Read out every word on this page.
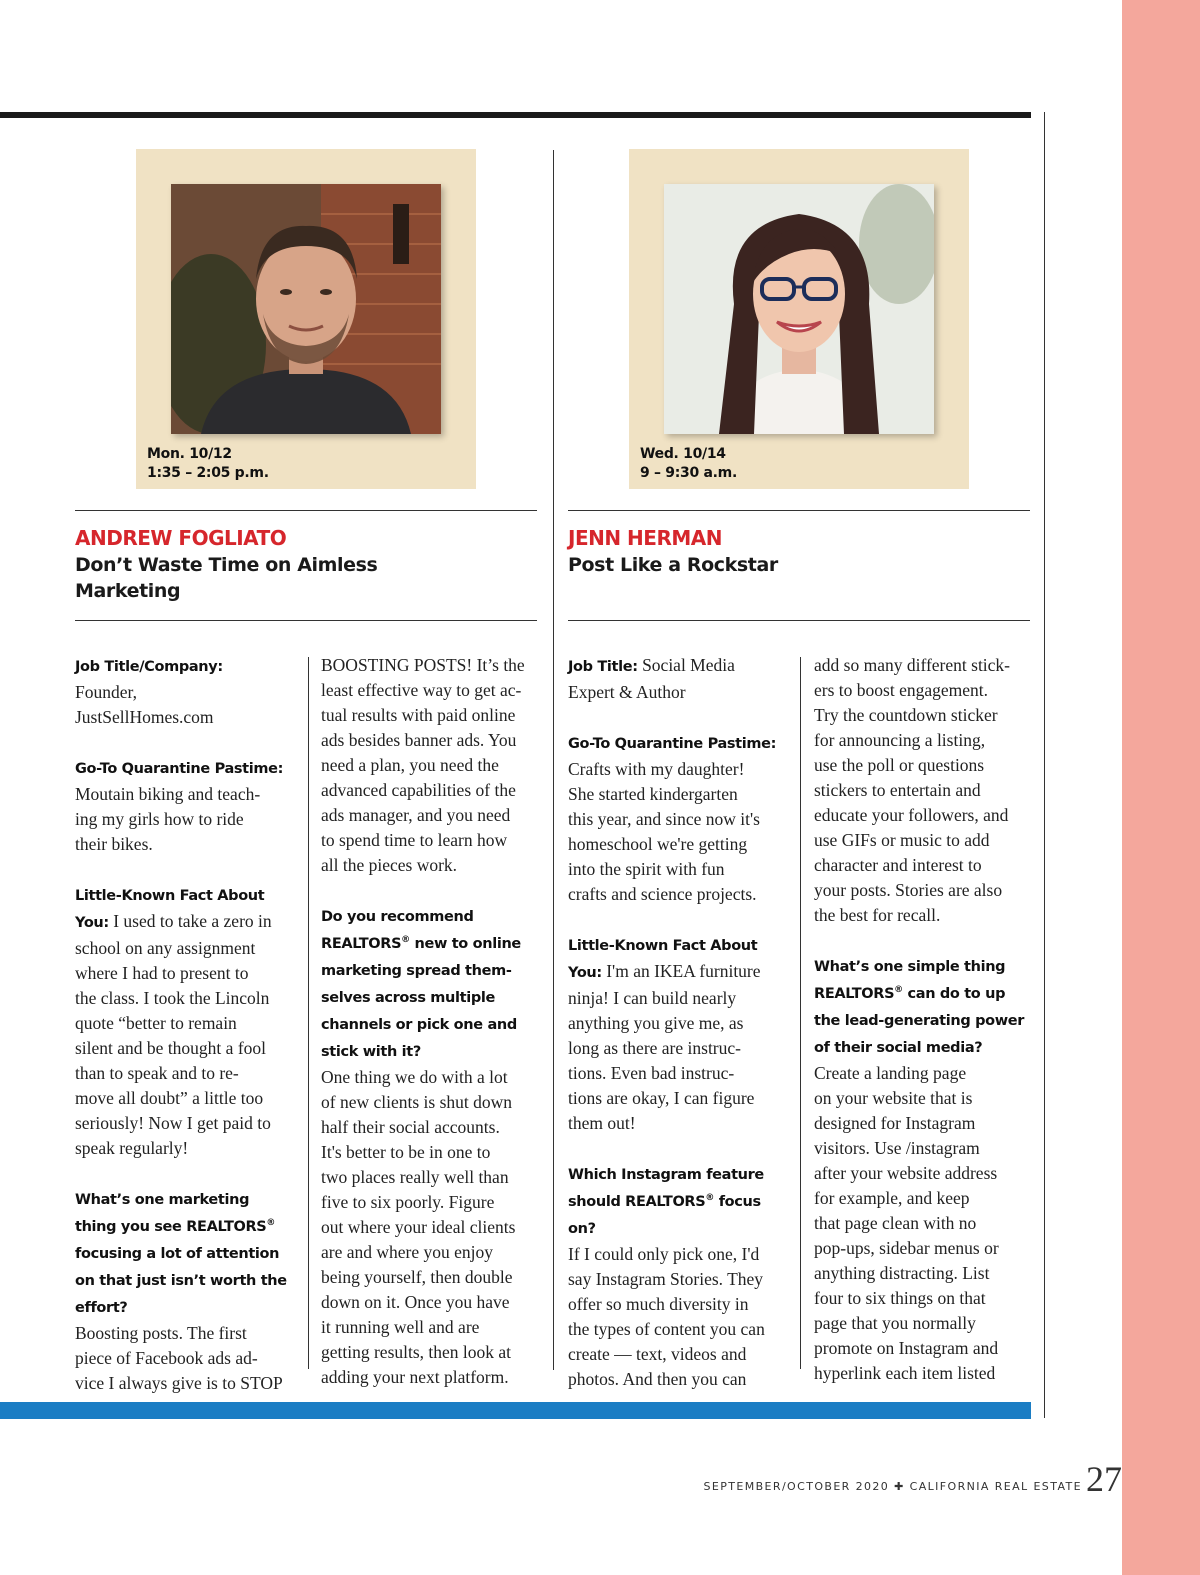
Mon. 10/12
1:35 – 2:05 p.m.
ANDREW FOGLIATO
Don’t Waste Time on Aimless
Marketing
Job Title/Company:
Founder,
JustSellHomes.com
Go-To Quarantine Pastime:
Moutain biking and teach-
ing my girls how to ride
their bikes.
Little-Known Fact About
You: I used to take a zero in
school on any assignment
where I had to present to
the class. I took the Lincoln
quote “better to remain
silent and be thought a fool
than to speak and to re-
move all doubt” a little too
seriously! Now I get paid to
speak regularly!
What’s one marketing
thing you see REALTORS®
focusing a lot of attention
on that just isn’t worth the
effort?
Boosting posts. The first
piece of Facebook ads ad-
vice I always give is to STOP
BOOSTING POSTS! It’s the
least effective way to get ac-
tual results with paid online
ads besides banner ads. You
need a plan, you need the
advanced capabilities of the
ads manager, and you need
to spend time to learn how
all the pieces work.
Do you recommend
REALTORS® new to online
marketing spread them-
selves across multiple
channels or pick one and
stick with it?
One thing we do with a lot
of new clients is shut down
half their social accounts.
It's better to be in one to
two places really well than
five to six poorly. Figure
out where your ideal clients
are and where you enjoy
being yourself, then double
down on it. Once you have
it running well and are
getting results, then look at
adding your next platform.
Wed. 10/14
9 – 9:30 a.m.
JENN HERMAN
Post Like a Rockstar
Job Title: Social Media
Expert & Author
Go-To Quarantine Pastime:
Crafts with my daughter!
She started kindergarten
this year, and since now it's
homeschool we're getting
into the spirit with fun
crafts and science projects.
Little-Known Fact About
You: I'm an IKEA furniture
ninja! I can build nearly
anything you give me, as
long as there are instruc-
tions. Even bad instruc-
tions are okay, I can figure
them out!
Which Instagram feature
should REALTORS® focus
on?
If I could only pick one, I'd
say Instagram Stories. They
offer so much diversity in
the types of content you can
create — text, videos and
photos. And then you can
add so many different stick-
ers to boost engagement.
Try the countdown sticker
for announcing a listing,
use the poll or questions
stickers to entertain and
educate your followers, and
use GIFs or music to add
character and interest to
your posts. Stories are also
the best for recall.
What’s one simple thing
REALTORS® can do to up
the lead-generating power
of their social media?
Create a landing page
on your website that is
designed for Instagram
visitors. Use /instagram
after your website address
for example, and keep
that page clean with no
pop-ups, sidebar menus or
anything distracting. List
four to six things on that
page that you normally
promote on Instagram and
hyperlink each item listed
SEPTEMBER/OCTOBER 2020 ✚ CALIFORNIA REAL ESTATE 27
